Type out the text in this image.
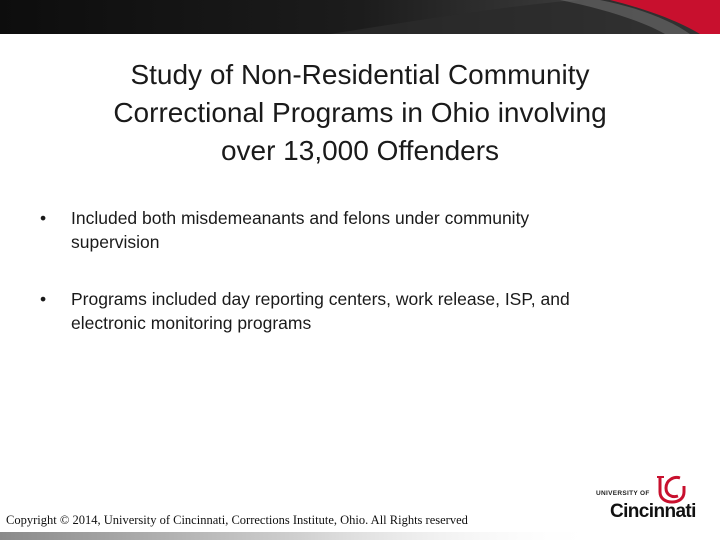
Study of Non-Residential Community
Correctional Programs in Ohio involving
over 13,000 Offenders
• Included both misdemeanants and felons under community
supervision
• Programs included day reporting centers, work release, ISP, and
electronic monitoring programs
Copyright © 2014, University of Cincinnati, Corrections Institute, Ohio. All Rights reserved
UNIVERSITY OF
Cincinnati
